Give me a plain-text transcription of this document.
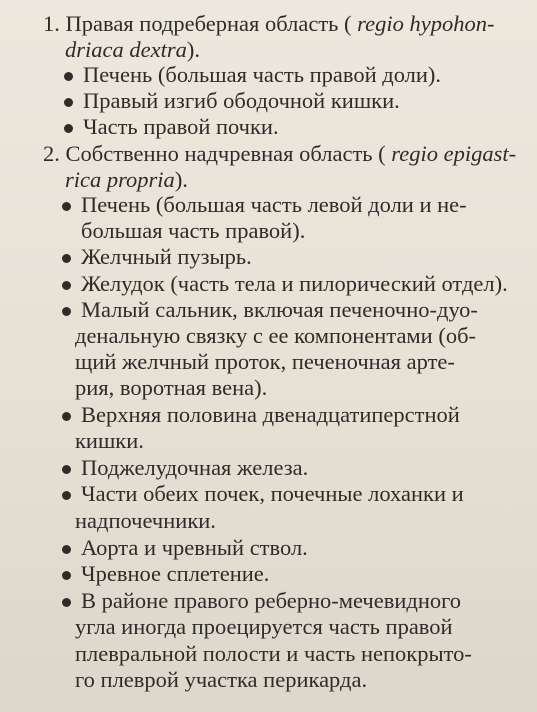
1. Правая подреберная область ( regio hypohon-
driaca dextra).
Печень (большая часть правой доли).
Правый изгиб ободочной кишки.
Часть правой почки.
2. Собственно надчревная область ( regio epigast-
rica propria).
Печень (большая часть левой доли и не-
большая часть правой).
Желчный пузырь.
Желудок (часть тела и пилорический отдел).
Малый сальник, включая печеночно-дуо-
денальную связку с ее компонентами (об-
щий желчный проток, печеночная арте-
рия, воротная вена).
Верхняя половина двенадцатиперстной
кишки.
Поджелудочная железа.
Части обеих почек, почечные лоханки и
надпочечники.
Аорта и чревный ствол.
Чревное сплетение.
В районе правого реберно-мечевидного
угла иногда проецируется часть правой
плевральной полости и часть непокрыто-
го плеврой участка перикарда.
